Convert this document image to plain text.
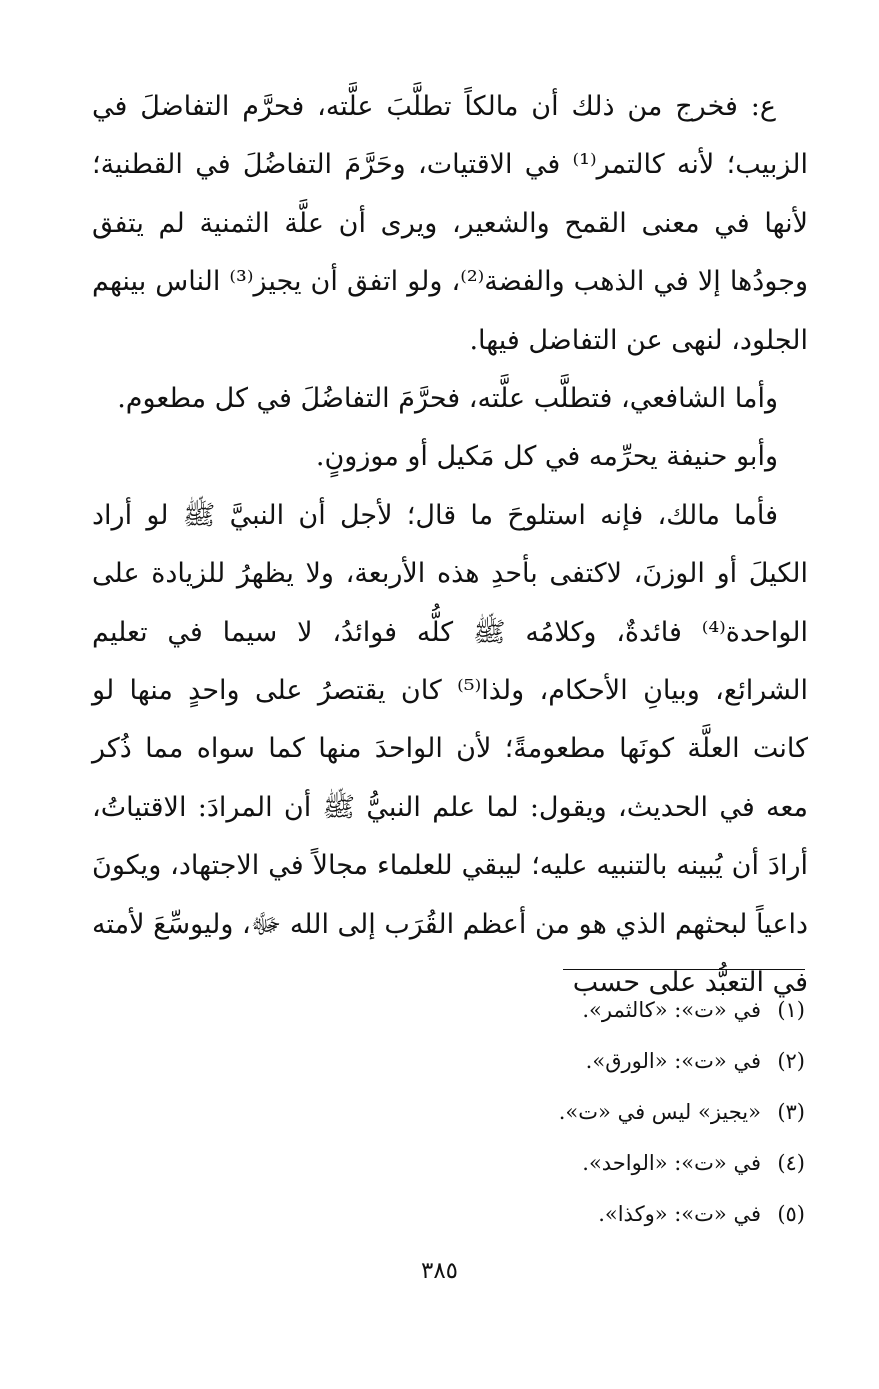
ع: فخرج من ذلك أن مالكاً تطلَّبَ علَّته، فحرَّم التفاضلَ في الزبيب؛ لأنه كالتمر⁽¹⁾ في الاقتيات، وحَرَّمَ التفاضُلَ في القطنية؛ لأنها في معنى القمح والشعير، ويرى أن علَّة الثمنية لم يتفق وجودُها إلا في الذهب والفضة⁽²⁾، ولو اتفق أن يجيز⁽³⁾ الناس بينهم الجلود، لنهى عن التفاضل فيها.

وأما الشافعي، فتطلَّب علَّته، فحرَّمَ التفاضُلَ في كل مطعوم.

وأبو حنيفة يحرِّمه في كل مَكيل أو موزونٍ.

فأما مالك، فإنه استلوحَ ما قال؛ لأجل أن النبيَّ ﷺ لو أراد الكيلَ أو الوزنَ، لاكتفى بأحدِ هذه الأربعة، ولا يظهرُ للزيادة على الواحدة⁽⁴⁾ فائدةٌ، وكلامُه ﷺ كلُّه فوائدُ، لا سيما في تعليم الشرائع، وبيانِ الأحكام، ولذا⁽⁵⁾ كان يقتصرُ على واحدٍ منها لو كانت العلَّة كونَها مطعومةً؛ لأن الواحدَ منها كما سواه مما ذُكر معه في الحديث، ويقول: لما علم النبيُّ ﷺ أن المرادَ: الاقتياتُ، أرادَ أن يُبينه بالتنبيه عليه؛ ليبقي للعلماء مجالاً في الاجتهاد، ويكونَ داعياً لبحثهم الذي هو من أعظم القُرَب إلى الله ﷻ، وليوسِّعَ لأمته في التعبُّد على حسب

(١)
في «ت»: «كالثمر».
(٢)
في «ت»: «الورق».
(٣)
«يجيز» ليس في «ت».
(٤)
في «ت»: «الواحد».
(٥)
في «ت»: «وكذا».
٣٨٥
